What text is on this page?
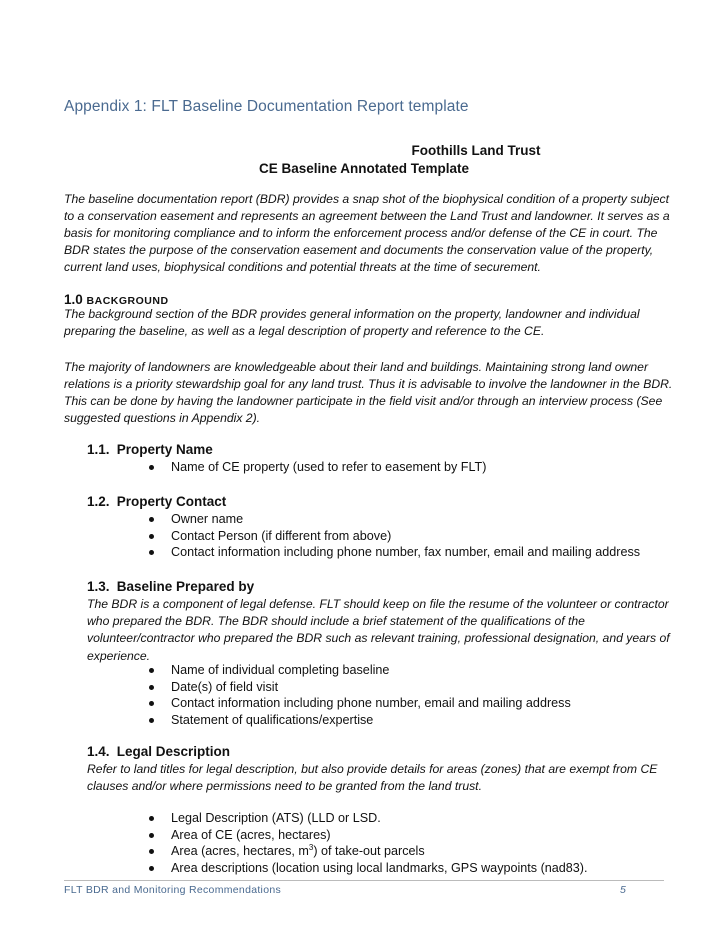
Appendix 1: FLT Baseline Documentation Report template
Foothills Land Trust
CE Baseline Annotated Template
The baseline documentation report (BDR) provides a snap shot of the biophysical condition of a property subject to a conservation easement and represents an agreement between the Land Trust and landowner. It serves as a basis for monitoring compliance and to inform the enforcement process and/or defense of the CE in court. The BDR states the purpose of the conservation easement and documents the conservation value of the property, current land uses, biophysical conditions and potential threats at the time of securement.
1.0 BACKGROUND
The background section of the BDR provides general information on the property, landowner and individual preparing the baseline, as well as a legal description of property and reference to the CE.
The majority of landowners are knowledgeable about their land and buildings. Maintaining strong land owner relations is a priority stewardship goal for any land trust. Thus it is advisable to involve the landowner in the BDR. This can be done by having the landowner participate in the field visit and/or through an interview process (See suggested questions in Appendix 2).
1.1. Property Name
Name of CE property (used to refer to easement by FLT)
1.2. Property Contact
Owner name
Contact Person (if different from above)
Contact information including phone number, fax number, email and mailing address
1.3. Baseline Prepared by
The BDR is a component of legal defense. FLT should keep on file the resume of the volunteer or contractor who prepared the BDR. The BDR should include a brief statement of the qualifications of the volunteer/contractor who prepared the BDR such as relevant training, professional designation, and years of experience.
Name of individual completing baseline
Date(s) of field visit
Contact information including phone number, email and mailing address
Statement of qualifications/expertise
1.4. Legal Description
Refer to land titles for legal description, but also provide details for areas (zones) that are exempt from CE clauses and/or where permissions need to be granted from the land trust.
Legal Description (ATS) (LLD or LSD.
Area of CE (acres, hectares)
Area (acres, hectares, $m^3$) of take-out parcels
Area descriptions (location using local landmarks, GPS waypoints (nad83).
FLT BDR and Monitoring Recommendations	5
